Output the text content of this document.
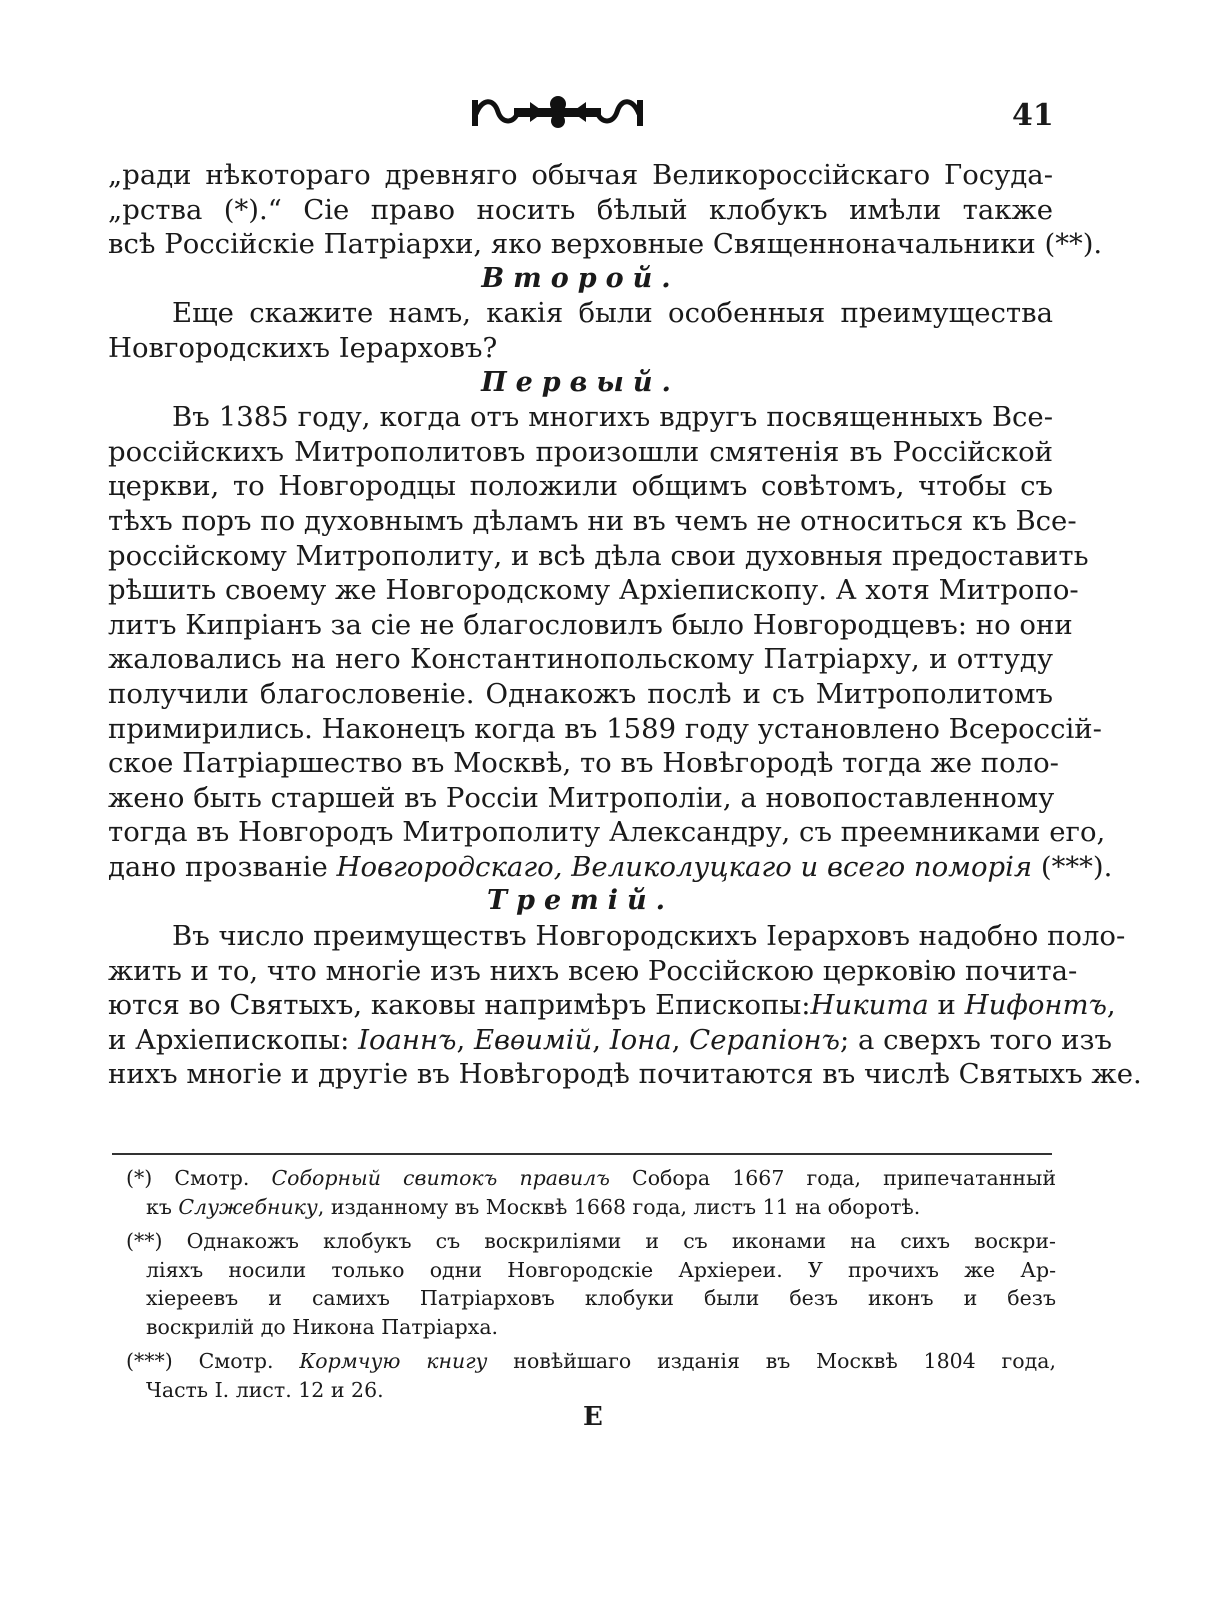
41
„ради нѣкотораго древняго обычая Великороссійскаго Госуда-
„рства (*).“ Сіе право носить бѣлый клобукъ имѣли также
всѣ Россійскіе Патріархи, яко верховные Священноначальники (**).
Второй.
Еще скажите намъ, какія были особенныя преимущества
Новгородскихъ Іерарховъ?
Первый.
Въ 1385 году, когда отъ многихъ вдругъ посвященныхъ Все-
россійскихъ Митрополитовъ произошли смятенія въ Россійской
церкви, то Новгородцы положили общимъ совѣтомъ, чтобы съ
тѣхъ поръ по духовнымъ дѣламъ ни въ чемъ не относиться къ Все-
россійскому Митрополиту, и всѣ дѣла свои духовныя предоставить
рѣшить своему же Новгородскому Архіепископу. А хотя Митропо-
литъ Кипріанъ за сіе не благословилъ было Новгородцевъ: но они
жаловались на него Константинопольскому Патріарху, и оттуду
получили благословеніе. Однакожъ послѣ и съ Митрополитомъ
примирились. Наконецъ когда въ 1589 году установлено Всероссій-
ское Патріаршество въ Москвѣ, то въ Новѣгородѣ тогда же поло-
жено быть старшей въ Россіи Митрополіи, а новопоставленному
тогда въ Новгородъ Митрополиту Александру, съ преемниками его,
дано прозваніе Новгородскаго, Великолуцкаго и всего поморія (***).
Третій.
Въ число преимуществъ Новгородскихъ Іерарховъ надобно поло-
жить и то, что многіе изъ нихъ всею Россійскою церковію почита-
ются во Святыхъ, каковы напримѣръ Епископы:Никита и Нифонтъ,
и Архіепископы: Іоаннъ, Евѳимій, Іона, Серапіонъ; а сверхъ того изъ
нихъ многіе и другіе въ Новѣгородѣ почитаются въ числѣ Святыхъ же.
(*) Смотр. Соборный свитокъ правилъ Собора 1667 года, припечатанный
къ Служебнику, изданному въ Москвѣ 1668 года, листъ 11 на оборотѣ.
(**) Однакожъ клобукъ съ воскриліями и съ иконами на сихъ воскри-
ліяхъ носили только одни Новгородскіе Архіереи. У прочихъ же Ар-
хіереевъ и самихъ Патріарховъ клобуки были безъ иконъ и безъ
воскрилій до Никона Патріарха.
(***) Смотр. Кормчую книгу новѣйшаго изданія въ Москвѣ 1804 года,
Часть I. лист. 12 и 26.
Е
